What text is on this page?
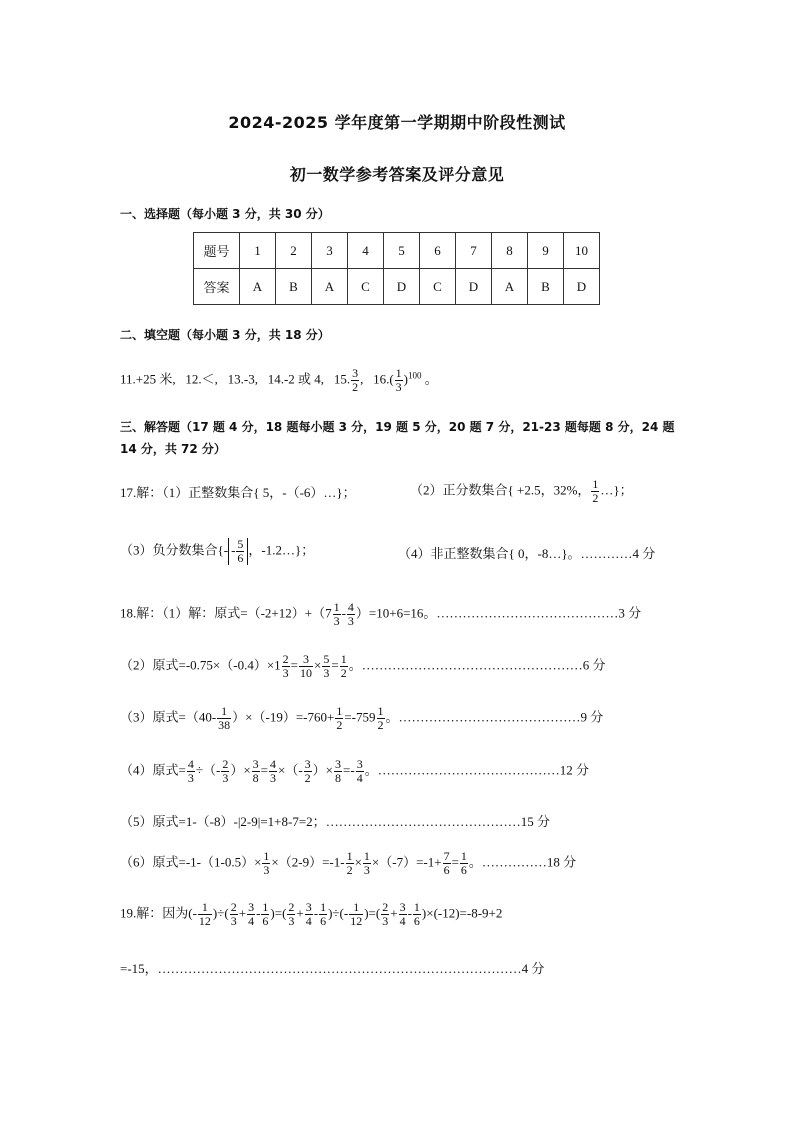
2024-2025 学年度第一学期期中阶段性测试
初一数学参考答案及评分意见
一、选择题（每小题 3 分，共 30 分）
题号	1	2	3	4	5	6	7	8	9	10
答案	A	B	A	C	D	C	D	A	B	D
二、填空题（每小题 3 分，共 18 分）
11.+25 米, 12.＜, 13.-3, 14.-2 或 4, 15. $\frac{3}{2}$ , $16.( \frac{1}{3} )^{100}$ 。
三、解答题（17 题 4 分，18 题每小题 3 分，19 题 5 分，20 题 7 分，21-23 题每题 8 分，24 题 14 分，共 72 分）
17.解：（1）正整数集合{ 5，-（-6）…}；	（2）正分数集合{ +2.5，32%， $\frac{1}{2}$ …}；
（3）负分数集合{- - $\frac{5}{6}$ ，-1.2…}；	（4）非正整数集合{ 0，-8…}。…………4 分
18.解：（1）解：原式$=(-2+12)+(7 \frac{1}{3} - \frac{4}{3} )=10+6=16$。……………………………………3 分
（2）原式$=-0.75\times(-0.4)\times 1 \frac{2}{3} = \frac{3}{10} \times \frac{5}{3} = \frac{1}{2}$ 。……………………………………………6 分
（3）原式$=(40- \frac{1}{38} )\times(-19)=-760+ \frac{1}{2} =-759 \frac{1}{2}$ 。……………………………………9 分
（4）原式= $\frac{4}{3}$ ÷（- $\frac{2}{3}$ ）× $\frac{3}{8} = \frac{4}{3}$ ×（- $\frac{3}{2}$ ）× $\frac{3}{8} =- \frac{3}{4}$ 。……………………………………12 分
（5）原式=1-（-8）-|2-9|=1+8-7=2；………………………………………15 分
（6）原式$=-1-(1-0.5)\times \frac{1}{3} \times(2-9)=-1- \frac{1}{2} \times \frac{1}{3} \times(-7)=-1+ \frac{7}{6} = \frac{1}{6}$ 。……………18 分
19.解：因为(- $\frac{1}{12}$ )÷( $\frac{2}{3} + \frac{3}{4} - \frac{1}{6}$ )=( $\frac{2}{3} + \frac{3}{4} - \frac{1}{6}$ )÷(- $\frac{1}{12}$ )=( $\frac{2}{3} + \frac{3}{4} - \frac{1}{6} )\times(-12)=-8-9+2$
=-15，…………………………………………………………………………4 分
